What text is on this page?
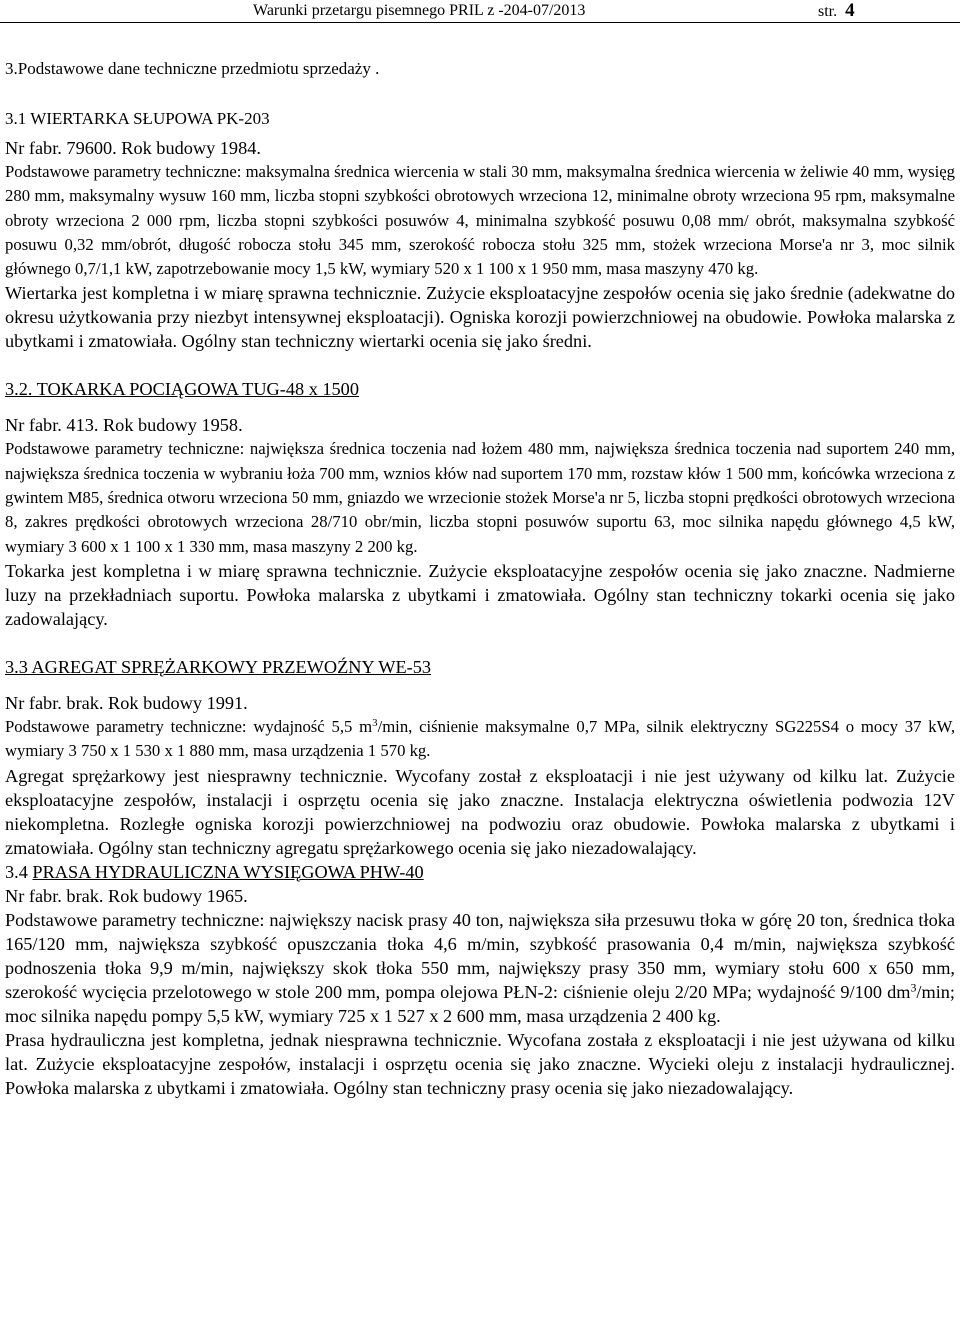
Warunki przetargu pisemnego PRIL z -204-07/2013	str. 4

3.Podstawowe dane techniczne przedmiotu sprzedaży .

3.1 WIERTARKA SŁUPOWA PK-203

Nr fabr. 79600. Rok budowy 1984.

Podstawowe parametry techniczne: maksymalna średnica wiercenia w stali 30 mm, maksymalna średnica wiercenia w żeliwie 40 mm, wysięg 280 mm, maksymalny wysuw 160 mm, liczba stopni szybkości obrotowych wrzeciona 12, minimalne obroty wrzeciona 95 rpm, maksymalne obroty wrzeciona 2 000 rpm, liczba stopni szybkości posuwów 4, minimalna szybkość posuwu 0,08 mm/ obrót, maksymalna szybkość posuwu 0,32 mm/obrót, długość robocza stołu 345 mm, szerokość robocza stołu 325 mm, stożek wrzeciona Morse'a nr 3, moc silnik głównego 0,7/1,1 kW, zapotrzebowanie mocy 1,5 kW, wymiary 520 x 1 100 x 1 950 mm, masa maszyny 470 kg.

Wiertarka jest kompletna i w miarę sprawna technicznie. Zużycie eksploatacyjne zespołów ocenia się jako średnie (adekwatne do okresu użytkowania przy niezbyt intensywnej eksploatacji). Ogniska korozji powierzchniowej na obudowie. Powłoka malarska z ubytkami i zmatowiała. Ogólny stan techniczny wiertarki ocenia się jako średni.

3.2. TOKARKA POCIĄGOWA TUG-48 x 1500

Nr fabr. 413. Rok budowy 1958.

Podstawowe parametry techniczne: największa średnica toczenia nad łożem 480 mm, największa średnica toczenia nad suportem 240 mm, największa średnica toczenia w wybraniu łoża 700 mm, wznios kłów nad suportem 170 mm, rozstaw kłów 1 500 mm, końcówka wrzeciona z gwintem M85, średnica otworu wrzeciona 50 mm, gniazdo we wrzecionie stożek Morse'a nr 5, liczba stopni prędkości obrotowych wrzeciona 8, zakres prędkości obrotowych wrzeciona 28/710 obr/min, liczba stopni posuwów suportu 63, moc silnika napędu głównego 4,5 kW, wymiary 3 600 x 1 100 x 1 330 mm, masa maszyny 2 200 kg.

Tokarka jest kompletna i w miarę sprawna technicznie. Zużycie eksploatacyjne zespołów ocenia się jako znaczne. Nadmierne luzy na przekładniach suportu. Powłoka malarska z ubytkami i zmatowiała. Ogólny stan techniczny tokarki ocenia się jako zadowalający.

3.3 AGREGAT SPRĘŻARKOWY PRZEWOŹNY WE-53

Nr fabr. brak. Rok budowy 1991.

Podstawowe parametry techniczne: wydajność 5,5 $m^3/\min$, ciśnienie maksymalne 0,7 MPa, silnik elektryczny SG225S4 o mocy 37 kW, wymiary 3 750 x 1 530 x 1 880 mm, masa urządzenia 1 570 kg.

Agregat sprężarkowy jest niesprawny technicznie. Wycofany został z eksploatacji i nie jest używany od kilku lat. Zużycie eksploatacyjne zespołów, instalacji i osprzętu ocenia się jako znaczne. Instalacja elektryczna oświetlenia podwozia 12V niekompletna. Rozległe ogniska korozji powierzchniowej na podwoziu oraz obudowie. Powłoka malarska z ubytkami i zmatowiała. Ogólny stan techniczny agregatu sprężarkowego ocenia się jako niezadowalający.

3.4 PRASA HYDRAULICZNA WYSIĘGOWA PHW-40

Nr fabr. brak. Rok budowy 1965.

Podstawowe parametry techniczne: największy nacisk prasy 40 ton, największa siła przesuwu tłoka w górę 20 ton, średnica tłoka 165/120 mm, największa szybkość opuszczania tłoka 4,6 m/min, szybkość prasowania 0,4 m/min, największa szybkość podnoszenia tłoka 9,9 m/min, największy skok tłoka 550 mm, największy prasy 350 mm, wymiary stołu 600 x 650 mm, szerokość wycięcia przelotowego w stole 200 mm, pompa olejowa PŁN-2: ciśnienie oleju 2/20 MPa; wydajność 9/100 $dm^3/\min$; moc silnika napędu pompy 5,5 kW, wymiary 725 x 1 527 x 2 600 mm, masa urządzenia 2 400 kg.

Prasa hydrauliczna jest kompletna, jednak niesprawna technicznie. Wycofana została z eksploatacji i nie jest używana od kilku lat. Zużycie eksploatacyjne zespołów, instalacji i osprzętu ocenia się jako znaczne. Wycieki oleju z instalacji hydraulicznej. Powłoka malarska z ubytkami i zmatowiała. Ogólny stan techniczny prasy ocenia się jako niezadowalający.
